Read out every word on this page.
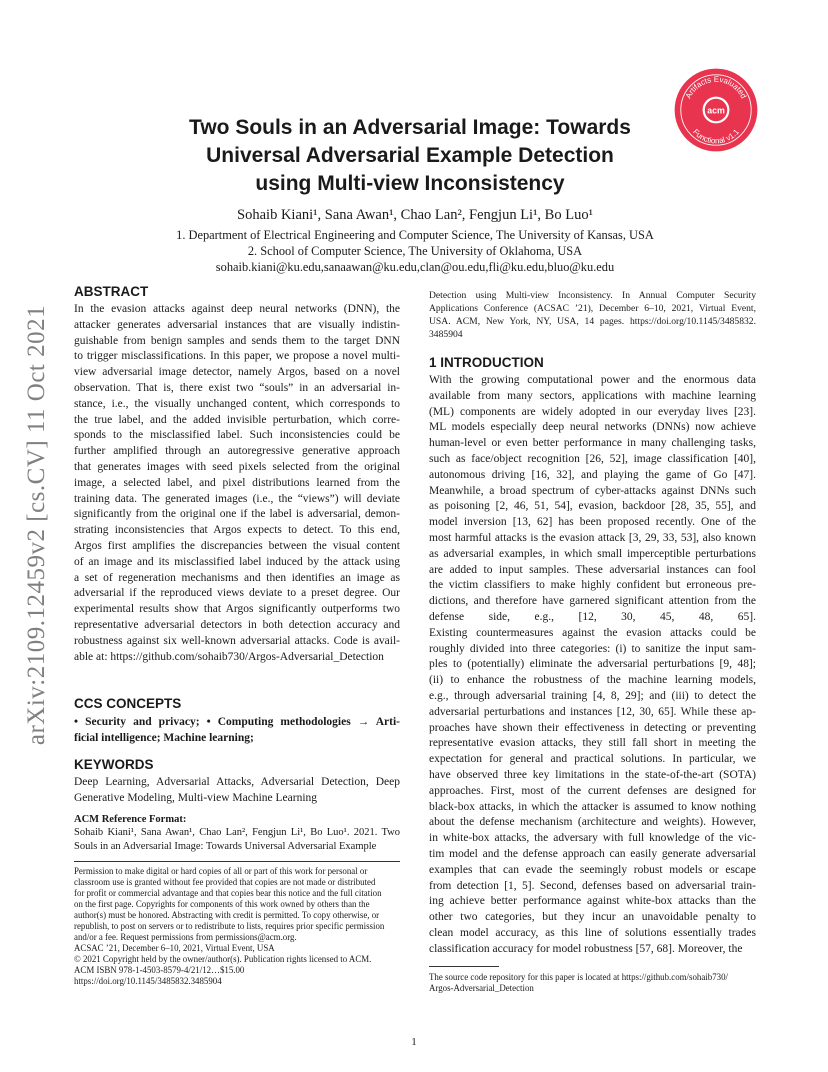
arXiv:2109.12459v2 [cs.CV] 11 Oct 2021
acm
Artifacts Evaluated
Functional v1.1
Two Souls in an Adversarial Image: Towards
Universal Adversarial Example Detection
using Multi-view Inconsistency
Sohaib Kiani¹, Sana Awan¹, Chao Lan², Fengjun Li¹, Bo Luo¹
1. Department of Electrical Engineering and Computer Science, The University of Kansas, USA
2. School of Computer Science, The University of Oklahoma, USA
sohaib.kiani@ku.edu,sanaawan@ku.edu,clan@ou.edu,fli@ku.edu,bluo@ku.edu
ABSTRACT
In the evasion attacks against deep neural networks (DNN), the
attacker generates adversarial instances that are visually indistin-
guishable from benign samples and sends them to the target DNN
to trigger misclassifications. In this paper, we propose a novel multi-
view adversarial image detector, namely Argos, based on a novel
observation. That is, there exist two “souls” in an adversarial in-
stance, i.e., the visually unchanged content, which corresponds to
the true label, and the added invisible perturbation, which corre-
sponds to the misclassified label. Such inconsistencies could be
further amplified through an autoregressive generative approach
that generates images with seed pixels selected from the original
image, a selected label, and pixel distributions learned from the
training data. The generated images (i.e., the “views”) will deviate
significantly from the original one if the label is adversarial, demon-
strating inconsistencies that Argos expects to detect. To this end,
Argos first amplifies the discrepancies between the visual content
of an image and its misclassified label induced by the attack using
a set of regeneration mechanisms and then identifies an image as
adversarial if the reproduced views deviate to a preset degree. Our
experimental results show that Argos significantly outperforms two
representative adversarial detectors in both detection accuracy and
robustness against six well-known adversarial attacks. Code is avail-
able at: https://github.com/sohaib730/Argos-Adversarial_Detection
CCS CONCEPTS
• Security and privacy; • Computing methodologies → Arti-
ficial intelligence; Machine learning;
KEYWORDS
Deep Learning, Adversarial Attacks, Adversarial Detection, Deep
Generative Modeling, Multi-view Machine Learning
ACM Reference Format:
Sohaib Kiani¹, Sana Awan¹, Chao Lan², Fengjun Li¹, Bo Luo¹. 2021. Two
Souls in an Adversarial Image: Towards Universal Adversarial Example
Permission to make digital or hard copies of all or part of this work for personal or
classroom use is granted without fee provided that copies are not made or distributed
for profit or commercial advantage and that copies bear this notice and the full citation
on the first page. Copyrights for components of this work owned by others than the
author(s) must be honored. Abstracting with credit is permitted. To copy otherwise, or
republish, to post on servers or to redistribute to lists, requires prior specific permission
and/or a fee. Request permissions from permissions@acm.org.
ACSAC ’21, December 6–10, 2021, Virtual Event, USA
© 2021 Copyright held by the owner/author(s). Publication rights licensed to ACM.
ACM ISBN 978-1-4503-8579-4/21/12…$15.00
https://doi.org/10.1145/3485832.3485904
Detection using Multi-view Inconsistency. In Annual Computer Security
Applications Conference (ACSAC ’21), December 6–10, 2021, Virtual Event,
USA. ACM, New York, NY, USA, 14 pages. https://doi.org/10.1145/3485832.
3485904
1 INTRODUCTION
With the growing computational power and the enormous data
available from many sectors, applications with machine learning
(ML) components are widely adopted in our everyday lives [23].
ML models especially deep neural networks (DNNs) now achieve
human-level or even better performance in many challenging tasks,
such as face/object recognition [26, 52], image classification [40],
autonomous driving [16, 32], and playing the game of Go [47].
Meanwhile, a broad spectrum of cyber-attacks against DNNs such
as poisoning [2, 46, 51, 54], evasion, backdoor [28, 35, 55], and
model inversion [13, 62] has been proposed recently. One of the
most harmful attacks is the evasion attack [3, 29, 33, 53], also known
as adversarial examples, in which small imperceptible perturbations
are added to input samples. These adversarial instances can fool
the victim classifiers to make highly confident but erroneous pre-
dictions, and therefore have garnered significant attention from the
defense side, e.g., [12, 30, 45, 48, 65].
Existing countermeasures against the evasion attacks could be
roughly divided into three categories: (i) to sanitize the input sam-
ples to (potentially) eliminate the adversarial perturbations [9, 48];
(ii) to enhance the robustness of the machine learning models,
e.g., through adversarial training [4, 8, 29]; and (iii) to detect the
adversarial perturbations and instances [12, 30, 65]. While these ap-
proaches have shown their effectiveness in detecting or preventing
representative evasion attacks, they still fall short in meeting the
expectation for general and practical solutions. In particular, we
have observed three key limitations in the state-of-the-art (SOTA)
approaches. First, most of the current defenses are designed for
black-box attacks, in which the attacker is assumed to know nothing
about the defense mechanism (architecture and weights). However,
in white-box attacks, the adversary with full knowledge of the vic-
tim model and the defense approach can easily generate adversarial
examples that can evade the seemingly robust models or escape
from detection [1, 5]. Second, defenses based on adversarial train-
ing achieve better performance against white-box attacks than the
other two categories, but they incur an unavoidable penalty to
clean model accuracy, as this line of solutions essentially trades
classification accuracy for model robustness [57, 68]. Moreover, the
The source code repository for this paper is located at https://github.com/sohaib730/
Argos-Adversarial_Detection
1
